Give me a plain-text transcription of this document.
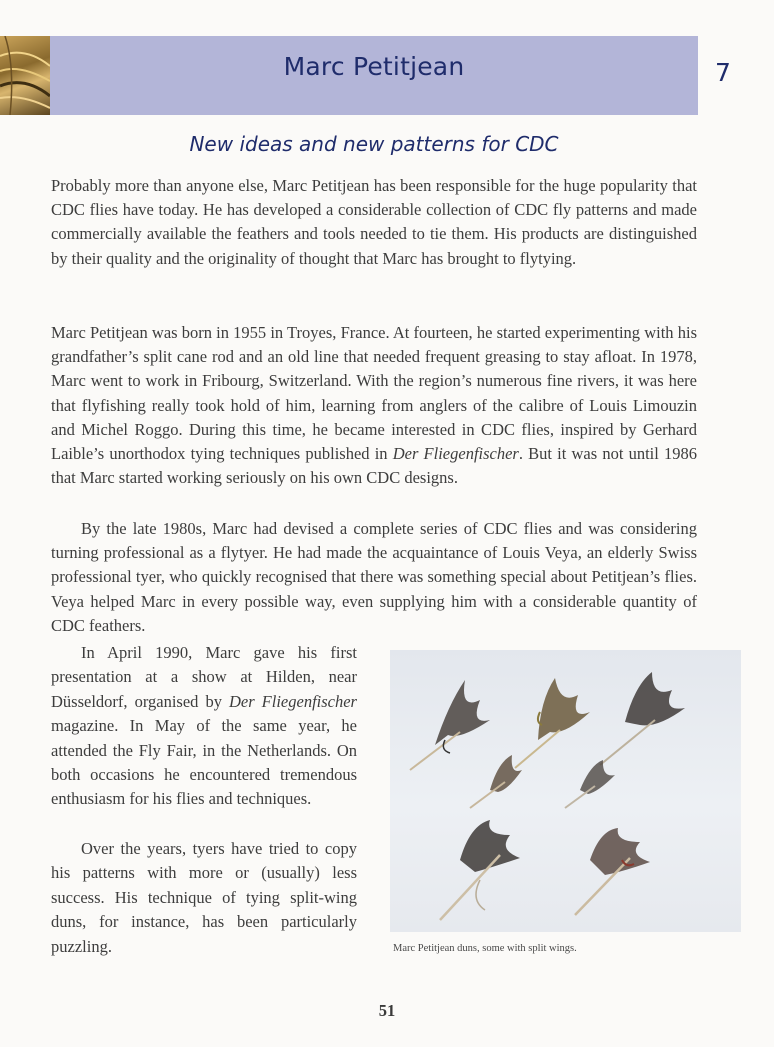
Marc Petitjean	7
New ideas and new patterns for CDC

Probably more than anyone else, Marc Petitjean has been responsible for the huge popularity that CDC flies have today. He has developed a considerable collection of CDC fly patterns and made commercially available the feathers and tools needed to tie them. His products are distinguished by their quality and the originality of thought that Marc has brought to flytying.

Marc Petitjean was born in 1955 in Troyes, France. At fourteen, he started experimenting with his grandfather’s split cane rod and an old line that needed frequent greasing to stay afloat. In 1978, Marc went to work in Fribourg, Switzerland. With the region’s numerous fine rivers, it was here that flyfishing really took hold of him, learning from anglers of the calibre of Louis Limouzin and Michel Roggo. During this time, he became interested in CDC flies, inspired by Gerhard Laible’s unorthodox tying techniques published in Der Fliegenfischer. But it was not until 1986 that Marc started working seriously on his own CDC designs.

By the late 1980s, Marc had devised a complete series of CDC flies and was considering turning professional as a flytyer. He had made the acquaintance of Louis Veya, an elderly Swiss professional tyer, who quickly recognised that there was something special about Petitjean’s flies. Veya helped Marc in every possible way, even supplying him with a considerable quantity of CDC feathers.

In April 1990, Marc gave his first presentation at a show at Hilden, near Düsseldorf, organised by Der Fliegenfischer magazine. In May of the same year, he attended the Fly Fair, in the Netherlands. On both occasions he encountered tremendous enthusiasm for his flies and techniques.

Over the years, tyers have tried to copy his patterns with more or (usually) less success. His technique of tying split-wing duns, for instance, has been particularly puzzling.	Marc Petitjean duns, some with split wings.
51
